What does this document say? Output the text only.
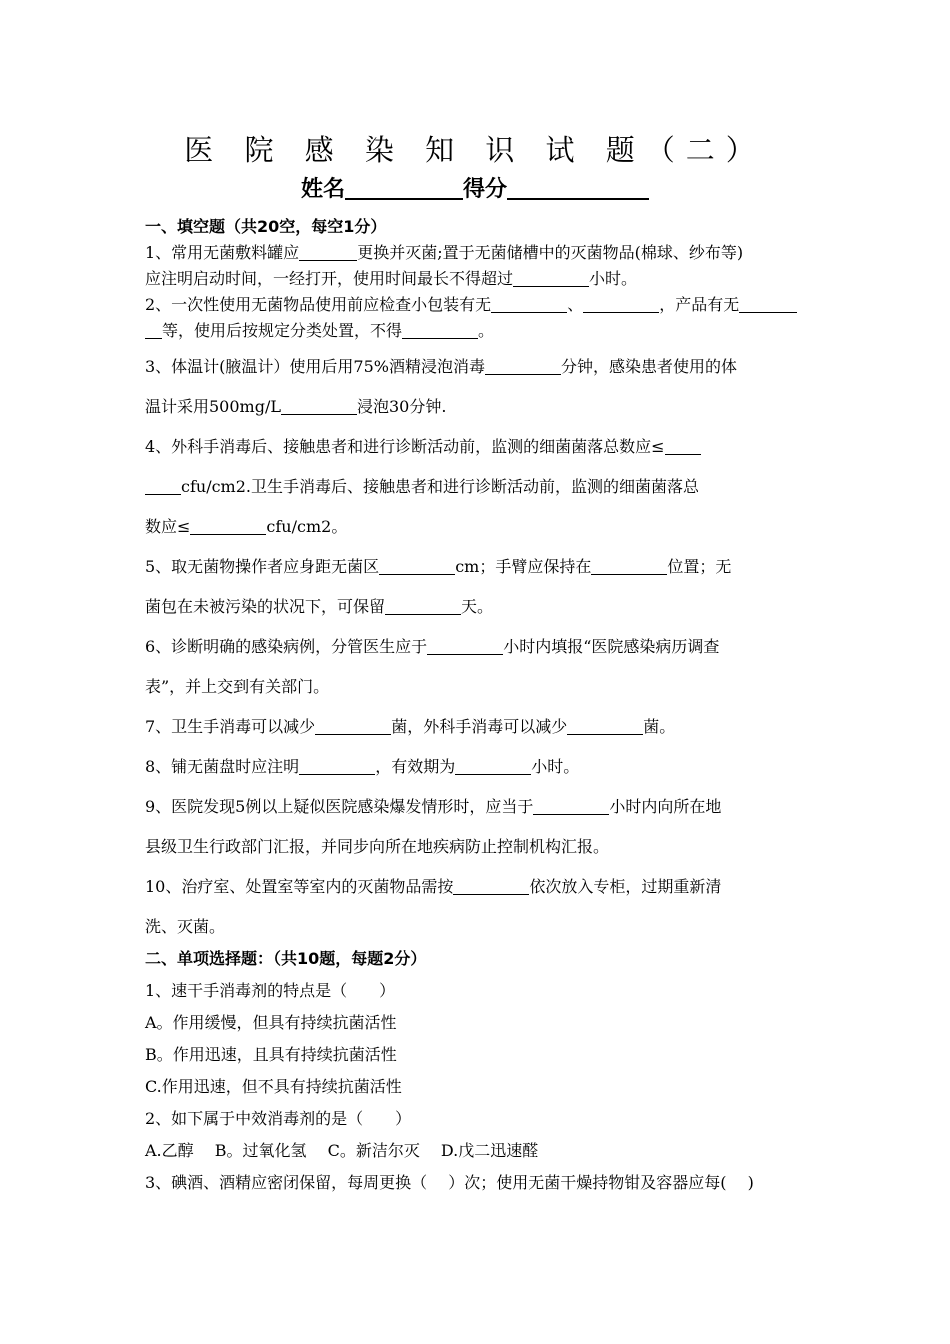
医 院 感 染 知 识 试 题（二）
姓名	得分
一、填空题（共20空，每空1分）
1、常用无菌敷料罐应	更换并灭菌;置于无菌储槽中的灭菌物品(棉球、纱布等)
应注明启动时间，一经打开，使用时间最长不得超过	小时。
2、一次性使用无菌物品使用前应检查小包装有无	、	，产品有无
等，使用后按规定分类处置，不得	。
3、体温计(腋温计）使用后用75%酒精浸泡消毒	分钟，感染患者使用的体
温计采用500mg/L	浸泡30分钟.
4、外科手消毒后、接触患者和进行诊断活动前，监测的细菌菌落总数应≤
cfu/cm2.卫生手消毒后、接触患者和进行诊断活动前，监测的细菌菌落总
数应≤	cfu/cm2。
5、取无菌物操作者应身距无菌区	cm；手臂应保持在	位置；无
菌包在未被污染的状况下，可保留	天。
6、诊断明确的感染病例，分管医生应于	小时内填报“医院感染病历调查
表”，并上交到有关部门。
7、卫生手消毒可以减少	菌，外科手消毒可以减少	菌。
8、铺无菌盘时应注明	，有效期为	小时。
9、医院发现5例以上疑似医院感染爆发情形时，应当于	小时内向所在地
县级卫生行政部门汇报，并同步向所在地疾病防止控制机构汇报。
10、治疗室、处置室等室内的灭菌物品需按	依次放入专柜，过期重新清
洗、灭菌。
二、单项选择题：（共10题，每题2分）
1、速干手消毒剂的特点是（　　）
A。作用缓慢，但具有持续抗菌活性
B。作用迅速，且具有持续抗菌活性
C.作用迅速，但不具有持续抗菌活性
2、如下属于中效消毒剂的是（　　）
A.乙醇　 B。过氧化氢　 C。新洁尔灭　 D.戊二迅速醛
3、碘酒、酒精应密闭保留，每周更换（　 ）次；使用无菌干燥持物钳及容器应每(　 )
